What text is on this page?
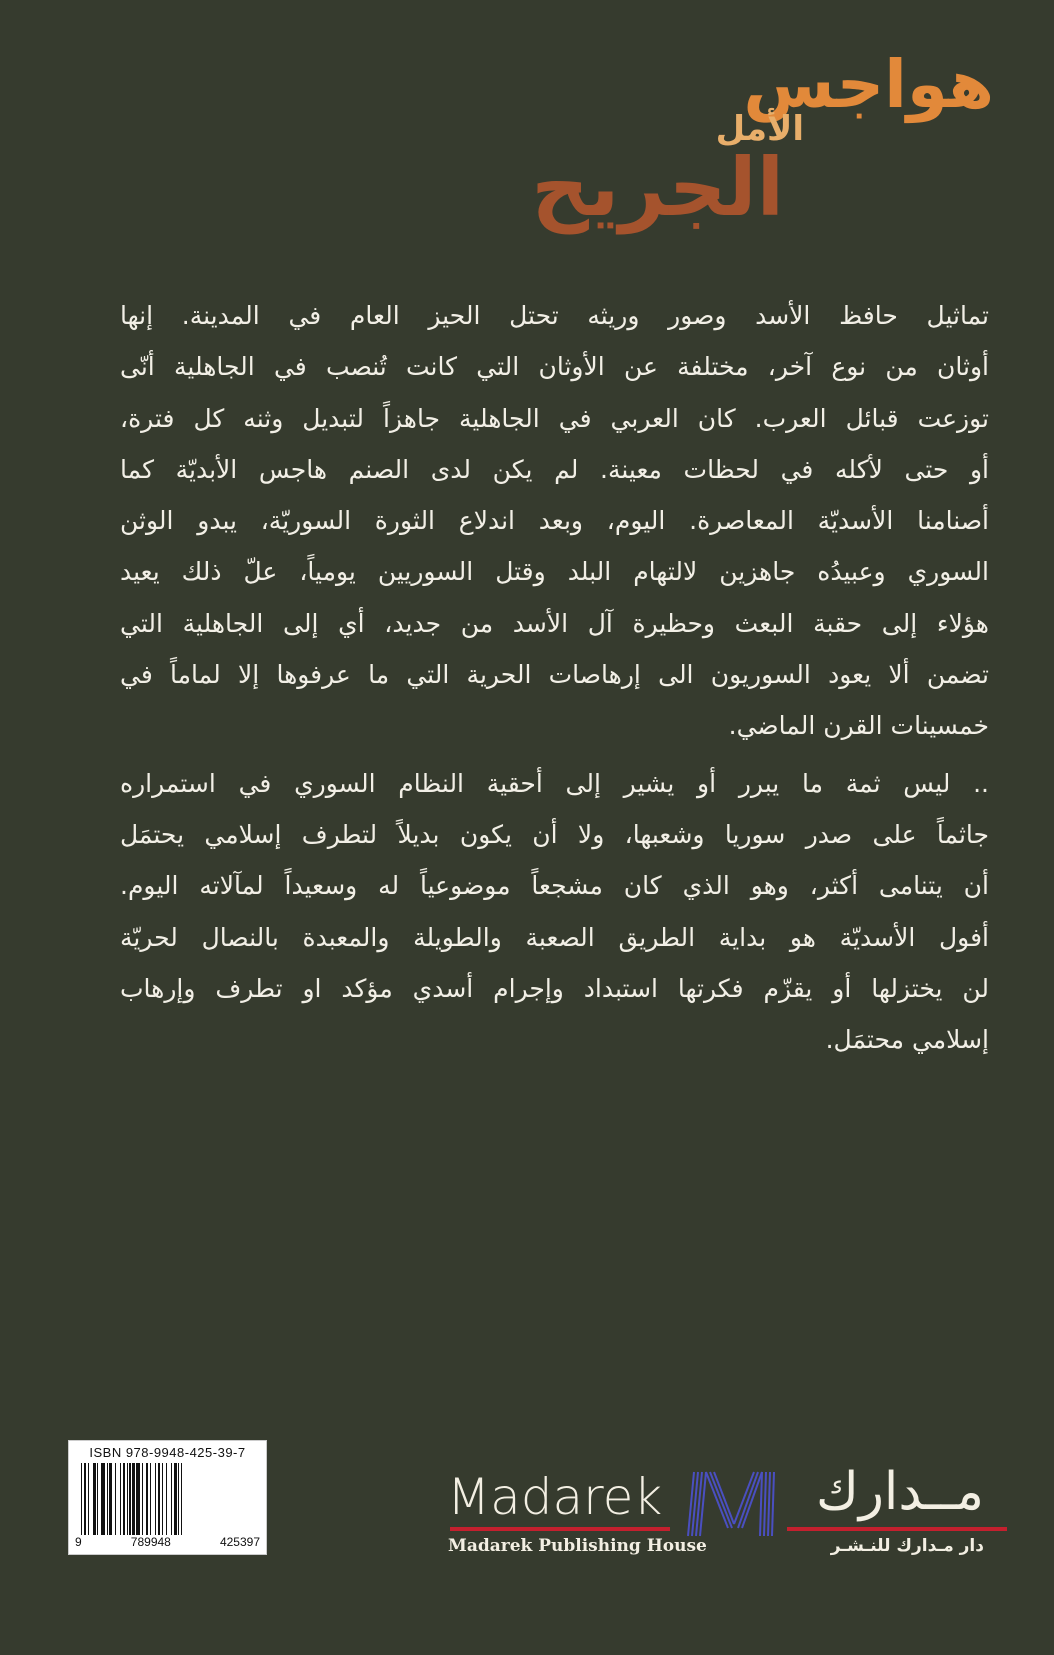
هواجس
الأمل
الجريح

تماثيل حافظ الأسد وصور وريثه تحتل الحيز العام في المدينة. إنها
أوثان من نوع آخر، مختلفة عن الأوثان التي كانت تُنصب في الجاهلية أنّى
توزعت قبائل العرب. كان العربي في الجاهلية جاهزاً لتبديل وثنه كل فترة،
أو حتى لأكله في لحظات معينة. لم يكن لدى الصنم هاجس الأبديّة كما
أصنامنا الأسديّة المعاصرة. اليوم، وبعد اندلاع الثورة السوريّة، يبدو الوثن
السوري وعبيدُه جاهزين لالتهام البلد وقتل السوريين يومياً، علّ ذلك يعيد
هؤلاء إلى حقبة البعث وحظيرة آل الأسد من جديد، أي إلى الجاهلية التي
تضمن ألا يعود السوريون الى إرهاصات الحرية التي ما عرفوها إلا لماماً في
خمسينات القرن الماضي.

.. ليس ثمة ما يبرر أو يشير إلى أحقية النظام السوري في استمراره
جاثماً على صدر سوريا وشعبها، ولا أن يكون بديلاً لتطرف إسلامي يحتمَل
أن يتنامى أكثر، وهو الذي كان مشجعاً موضوعياً له وسعيداً لمآلاته اليوم.
أفول الأسديّة هو بداية الطريق الصعبة والطويلة والمعبدة بالنصال لحريّة
لن يختزلها أو يقزّم فكرتها استبداد وإجرام أسدي مؤكد او تطرف وإرهاب
إسلامي محتمَل.

ISBN 978-9948-425-39-7
9	789948	425397
Madarek
Madarek Publishing House
مــدارك
دار مـدارك للنـشـر
